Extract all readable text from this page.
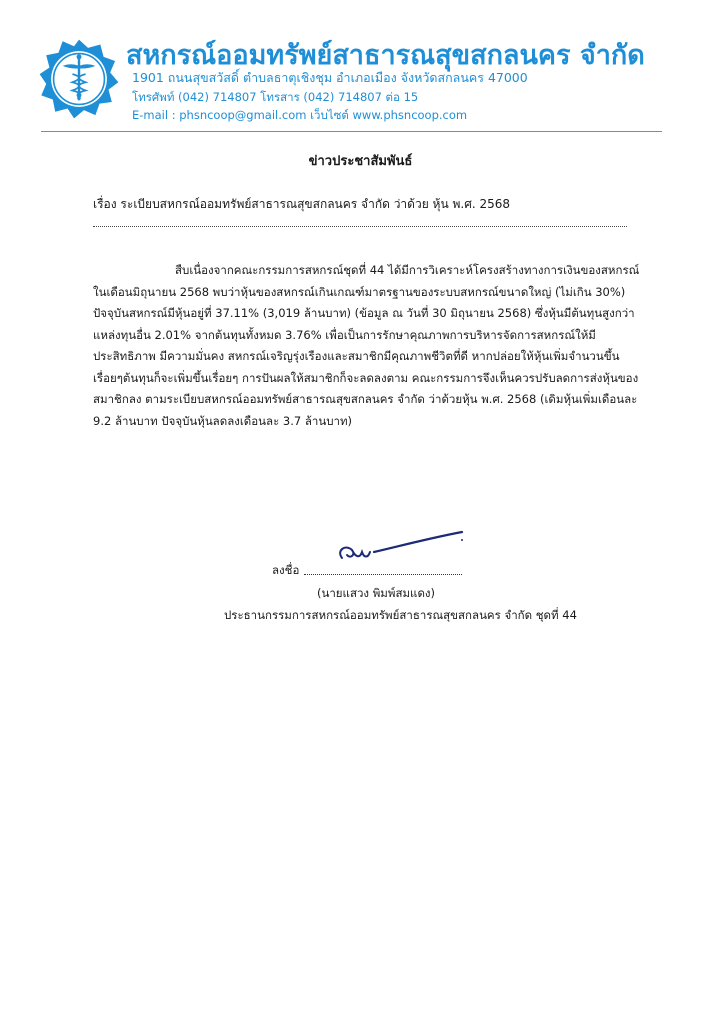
สหกรณ์ออมทรัพย์สาธารณสุขสกลนคร จำกัด
1901 ถนนสุขสวัสดิ์ ตำบลธาตุเชิงชุม อำเภอเมือง จังหวัดสกลนคร 47000
โทรศัพท์ (042) 714807 โทรสาร (042) 714807 ต่อ 15
E-mail : phsncoop@gmail.com เว็บไซต์ www.phsncoop.com
ข่าวประชาสัมพันธ์
เรื่อง ระเบียบสหกรณ์ออมทรัพย์สาธารณสุขสกลนคร จำกัด ว่าด้วย หุ้น พ.ศ. 2568

สืบเนื่องจากคณะกรรมการสหกรณ์ชุดที่ 44 ได้มีการวิเคราะห์โครงสร้างทางการเงินของสหกรณ์
ในเดือนมิถุนายน 2568 พบว่าหุ้นของสหกรณ์เกินเกณฑ์มาตรฐานของระบบสหกรณ์ขนาดใหญ่ (ไม่เกิน 30%)
ปัจจุบันสหกรณ์มีหุ้นอยู่ที่ 37.11% (3,019 ล้านบาท) (ข้อมูล ณ วันที่ 30 มิถุนายน 2568) ซึ่งหุ้นมีต้นทุนสูงกว่า
แหล่งทุนอื่น 2.01% จากต้นทุนทั้งหมด 3.76% เพื่อเป็นการรักษาคุณภาพการบริหารจัดการสหกรณ์ให้มี
ประสิทธิภาพ มีความมั่นคง สหกรณ์เจริญรุ่งเรืองและสมาชิกมีคุณภาพชีวิตที่ดี หากปล่อยให้หุ้นเพิ่มจำนวนขึ้น
เรื่อยๆต้นทุนก็จะเพิ่มขึ้นเรื่อยๆ การปันผลให้สมาชิกก็จะลดลงตาม คณะกรรมการจึงเห็นควรปรับลดการส่งหุ้นของ
สมาชิกลง ตามระเบียบสหกรณ์ออมทรัพย์สาธารณสุขสกลนคร จำกัด ว่าด้วยหุ้น พ.ศ. 2568 (เดิมหุ้นเพิ่มเดือนละ
9.2 ล้านบาท ปัจจุบันหุ้นลดลงเดือนละ 3.7 ล้านบาท)

ลงชื่อ
(นายแสวง พิมพ์สมแดง)
ประธานกรรมการสหกรณ์ออมทรัพย์สาธารณสุขสกลนคร จำกัด ชุดที่ 44
